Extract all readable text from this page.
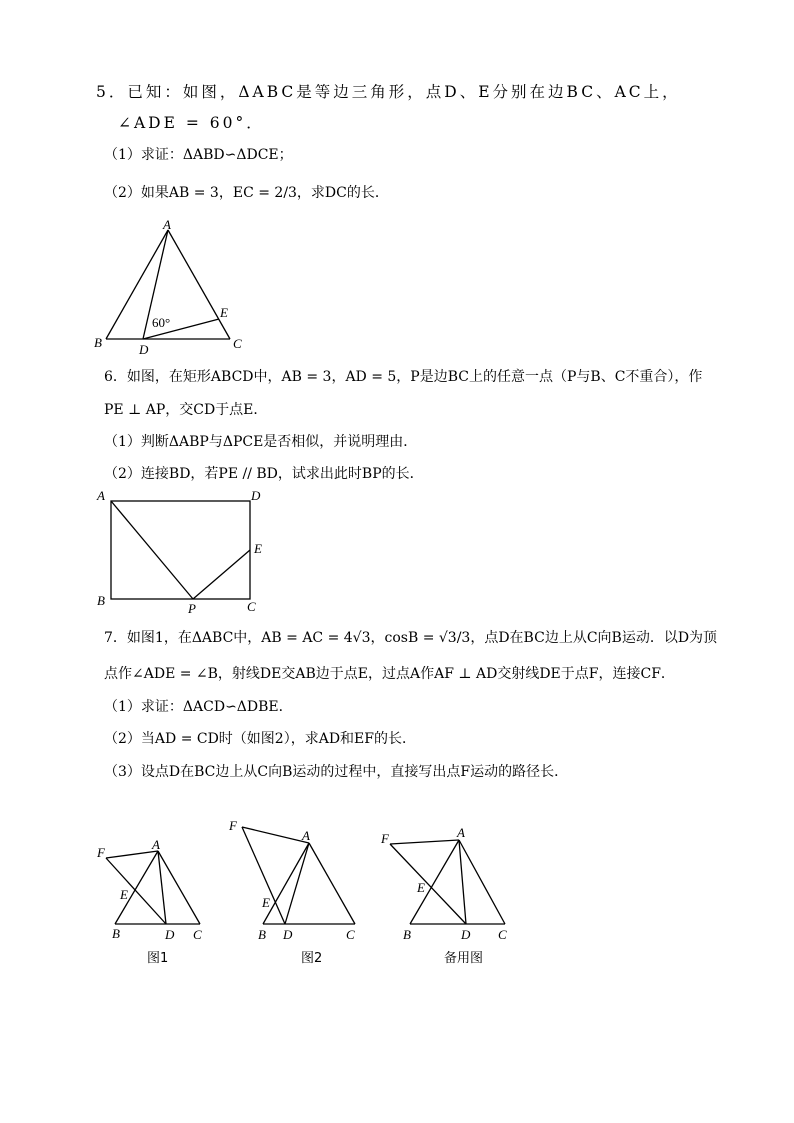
5．已知：如图，ΔABC是等边三角形，点D、E分别在边BC、AC上，
∠ADE = 60°．
（1）求证：ΔABD∽ΔDCE；
（2）如果AB = 3，EC = 2/3，求DC的长．
A
B	C
D
E
60°
6．如图，在矩形ABCD中，AB = 3，AD = 5，P是边BC上的任意一点（P与B、C不重合），作
PE ⊥ AP，交CD于点E．
（1）判断ΔABP与ΔPCE是否相似，并说明理由．
（2）连接BD，若PE // BD，试求出此时BP的长．
A	D
E
B
P	C
7．如图1，在ΔABC中，AB = AC = 4√3，cosB = √3/3，点D在BC边上从C向B运动．以D为顶
点作∠ADE = ∠B，射线DE交AB边于点E，过点A作AF ⊥ AD交射线DE于点F，连接CF．
（1）求证：ΔACD∽ΔDBE．
（2）当AD = CD时（如图2），求AD和EF的长．
（3）设点D在BC边上从C向B运动的过程中，直接写出点F运动的路径长．
F
A
E
B	D C
图1
F
A
E
B D	C
图2
F	A
E
B	D C
备用图
